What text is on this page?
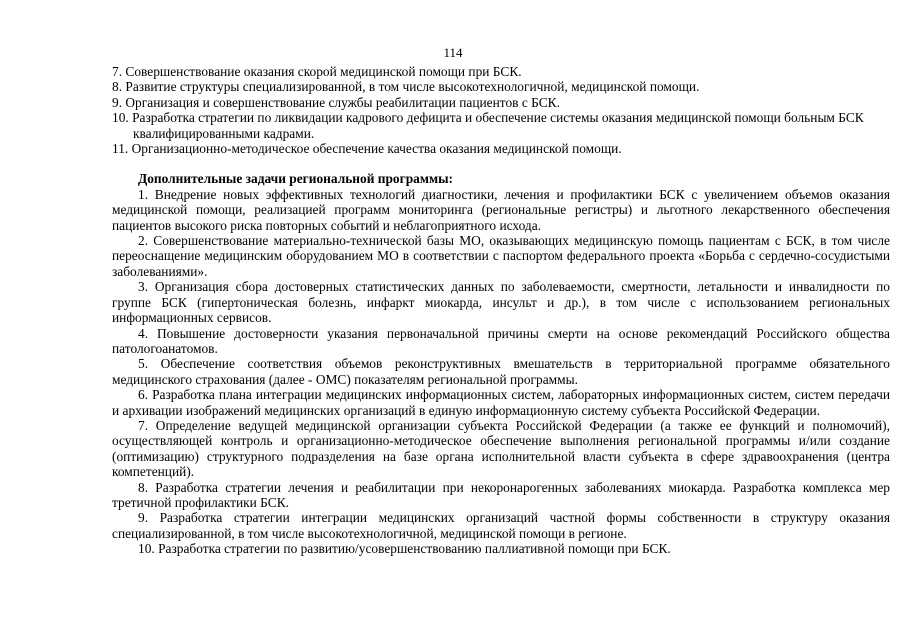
114

7. Совершенствование оказания скорой медицинской помощи при БСК.

8. Развитие структуры специализированной, в том числе высокотехнологичной, медицинской помощи.

9. Организация и совершенствование службы реабилитации пациентов с БСК.

10. Разработка стратегии по ликвидации кадрового дефицита и обеспечение системы оказания медицинской помощи больным БСК квалифицированными кадрами.

11. Организационно-методическое обеспечение качества оказания медицинской помощи.

Дополнительные задачи региональной программы:

1. Внедрение новых эффективных технологий диагностики, лечения и профилактики БСК с увеличением объемов оказания медицинской помощи, реализацией программ мониторинга (региональные регистры) и льготного лекарственного обеспечения пациентов высокого риска повторных событий и неблагоприятного исхода.

2. Совершенствование материально-технической базы МО, оказывающих медицинскую помощь пациентам с БСК, в том числе переоснащение медицинским оборудованием МО в соответствии с паспортом федерального проекта «Борьба с сердечно-сосудистыми заболеваниями».

3. Организация сбора достоверных статистических данных по заболеваемости, смертности, летальности и инвалидности по группе БСК (гипертоническая болезнь, инфаркт миокарда, инсульт и др.), в том числе с использованием региональных информационных сервисов.

4. Повышение достоверности указания первоначальной причины смерти на основе рекомендаций Российского общества патологоанатомов.

5. Обеспечение соответствия объемов реконструктивных вмешательств в территориальной программе обязательного медицинского страхования (далее - ОМС) показателям региональной программы.

6. Разработка плана интеграции медицинских информационных систем, лабораторных информационных систем, систем передачи и архивации изображений медицинских организаций в единую информационную систему субъекта Российской Федерации.

7. Определение ведущей медицинской организации субъекта Российской Федерации (а также ее функций и полномочий), осуществляющей контроль и организационно-методическое обеспечение выполнения региональной программы и/или создание (оптимизацию) структурного подразделения на базе органа исполнительной власти субъекта в сфере здравоохранения (центра компетенций).

8. Разработка стратегии лечения и реабилитации при некоронарогенных заболеваниях миокарда. Разработка комплекса мер третичной профилактики БСК.

9. Разработка стратегии интеграции медицинских организаций частной формы собственности в структуру оказания специализированной, в том числе высокотехнологичной, медицинской помощи в регионе.

10. Разработка стратегии по развитию/усовершенствованию паллиативной помощи при БСК.
